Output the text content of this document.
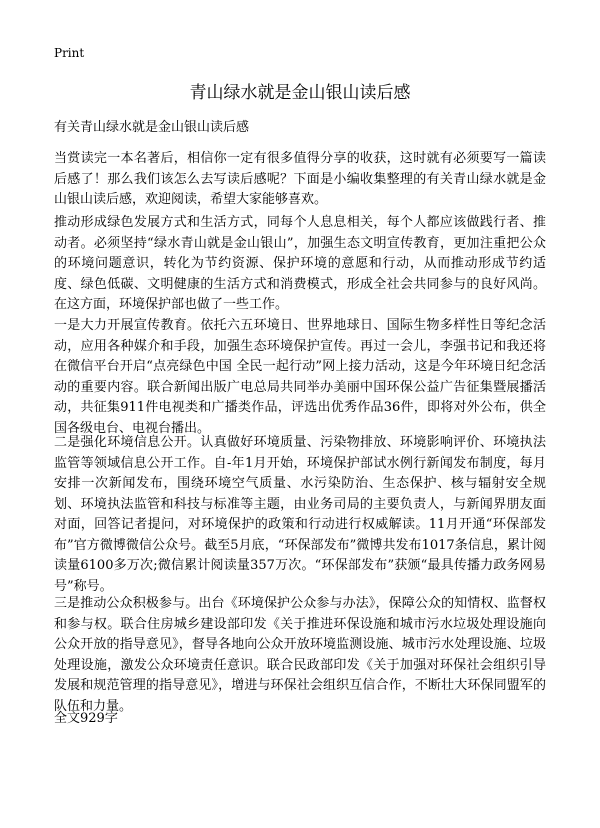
Print
青山绿水就是金山银山读后感
有关青山绿水就是金山银山读后感

当赏读完一本名著后，相信你一定有很多值得分享的收获，这时就有必须要写一篇读后感了！那么我们该怎么去写读后感呢？下面是小编收集整理的有关青山绿水就是金山银山读后感，欢迎阅读，希望大家能够喜欢。

推动形成绿色发展方式和生活方式，同每个人息息相关，每个人都应该做践行者、推动者。必须坚持“绿水青山就是金山银山”，加强生态文明宣传教育，更加注重把公众的环境问题意识，转化为节约资源、保护环境的意愿和行动，从而推动形成节约适度、绿色低碳、文明健康的生活方式和消费模式，形成全社会共同参与的良好风尚。在这方面，环境保护部也做了一些工作。

一是大力开展宣传教育。依托六五环境日、世界地球日、国际生物多样性日等纪念活动，应用各种媒介和手段，加强生态环境保护宣传。再过一会儿，李强书记和我还将在微信平台开启“点亮绿色中国 全民一起行动”网上接力活动，这是今年环境日纪念活动的重要内容。联合新闻出版广电总局共同举办美丽中国环保公益广告征集暨展播活动，共征集911件电视类和广播类作品，评选出优秀作品36件，即将对外公布，供全国各级电台、电视台播出。

二是强化环境信息公开。认真做好环境质量、污染物排放、环境影响评价、环境执法监管等领域信息公开工作。自-年1月开始，环境保护部试水例行新闻发布制度，每月安排一次新闻发布，围绕环境空气质量、水污染防治、生态保护、核与辐射安全规划、环境执法监管和科技与标准等主题，由业务司局的主要负责人，与新闻界朋友面对面，回答记者提问，对环境保护的政策和行动进行权威解读。11月开通“环保部发布”官方微博微信公众号。截至5月底，“环保部发布”微博共发布1017条信息，累计阅读量6100多万次;微信累计阅读量357万次。“环保部发布”获颁“最具传播力政务网易号”称号。

三是推动公众积极参与。出台《环境保护公众参与办法》，保障公众的知情权、监督权和参与权。联合住房城乡建设部印发《关于推进环保设施和城市污水垃圾处理设施向公众开放的指导意见》，督导各地向公众开放环境监测设施、城市污水处理设施、垃圾处理设施，激发公众环境责任意识。联合民政部印发《关于加强对环保社会组织引导发展和规范管理的指导意见》，增进与环保社会组织互信合作，不断壮大环保同盟军的队伍和力量。

全文929字
